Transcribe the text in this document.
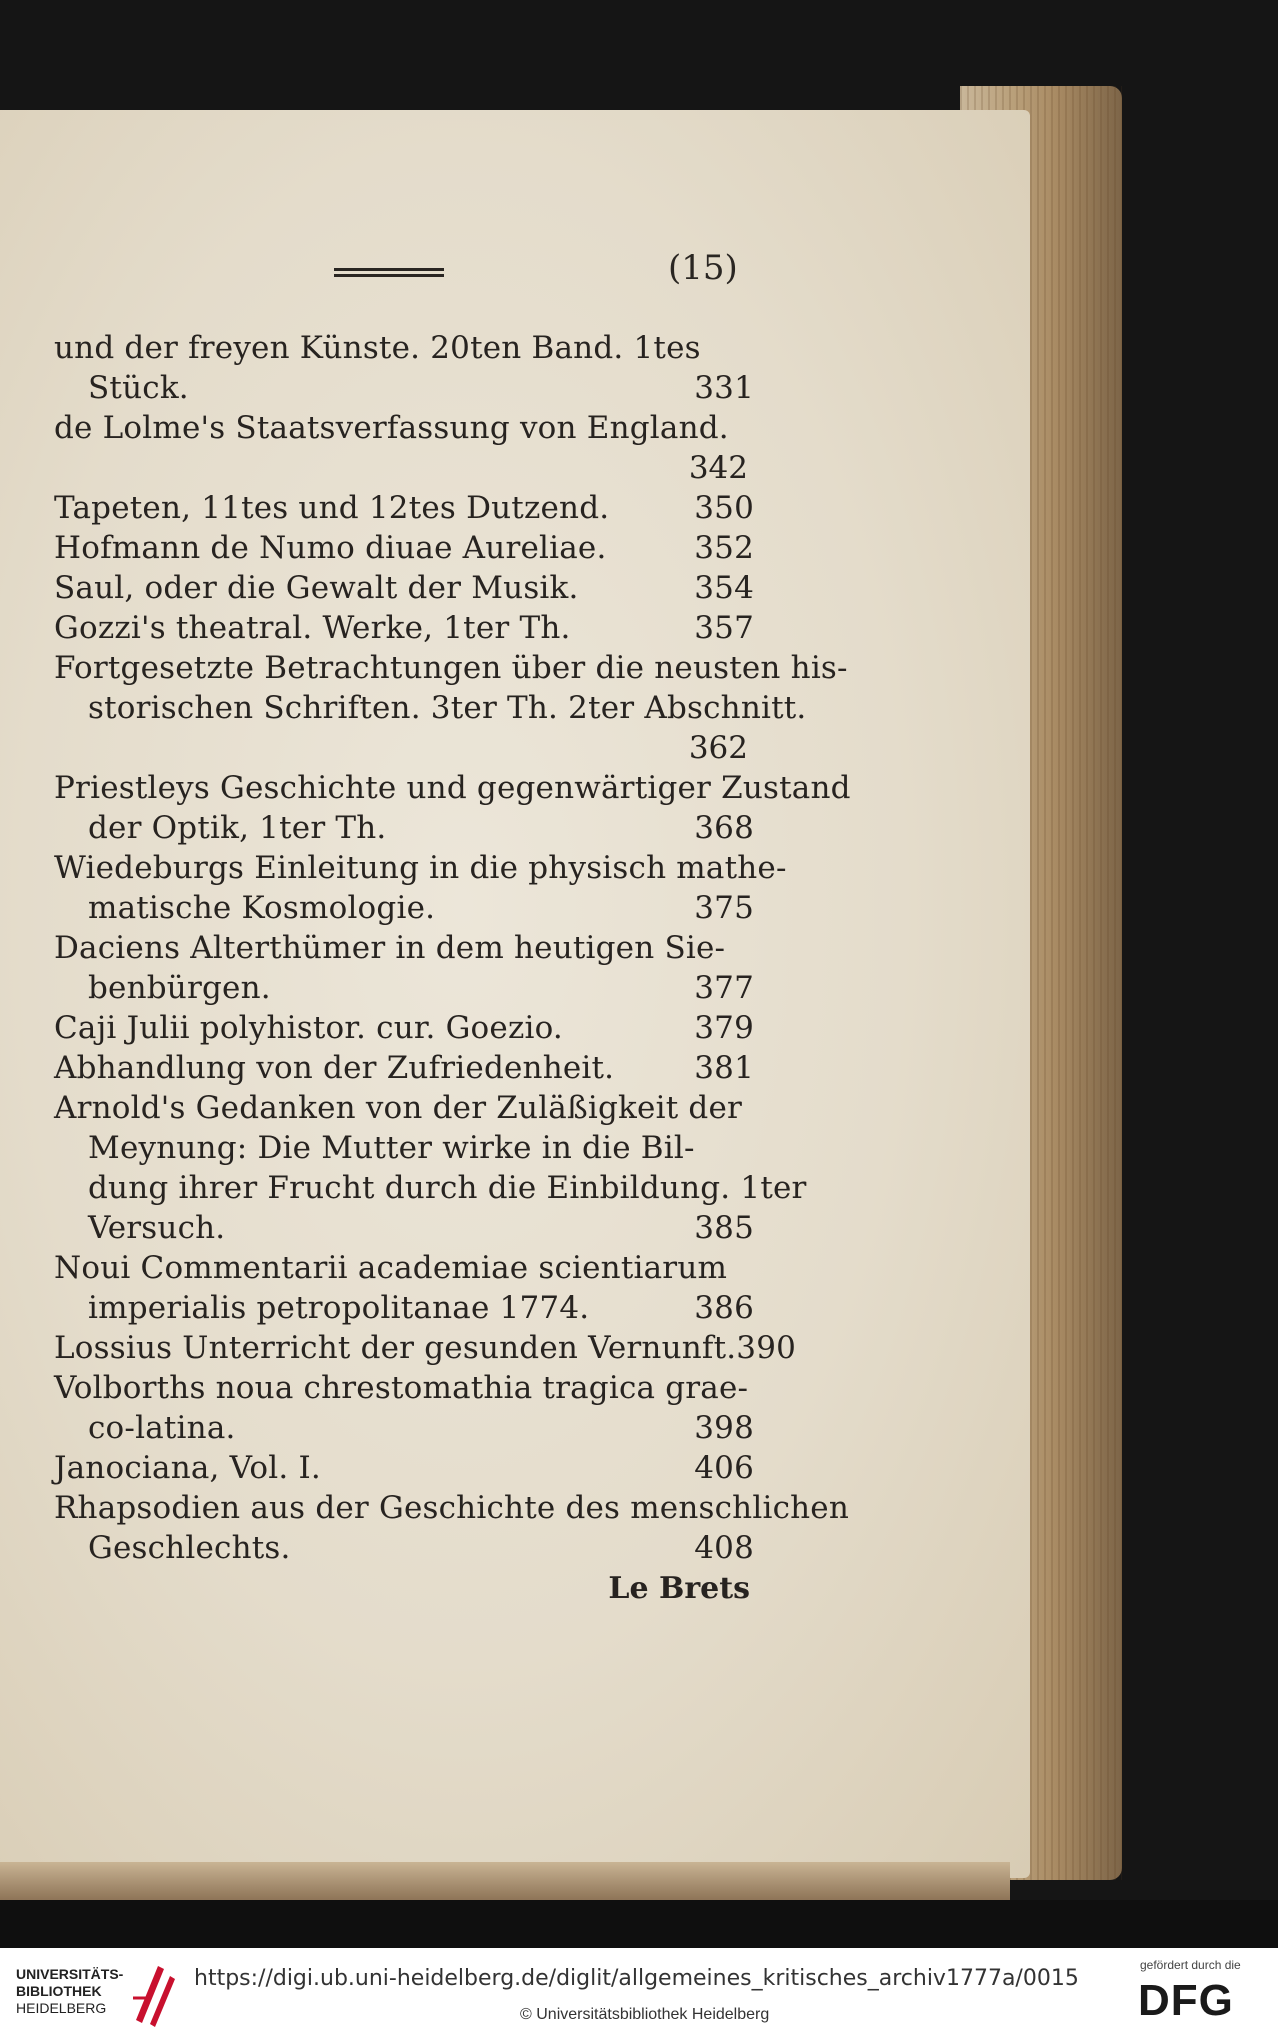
(15)
und der freyen Künste. 20ten Band. 1tes
Stück.	331
de Lolme's Staatsverfassung von England.
342
Tapeten, 11tes und 12tes Dutzend.	350
Hofmann de Numo diuae Aureliae.	352
Saul, oder die Gewalt der Musik.	354
Gozzi's theatral. Werke, 1ter Th.	357
Fortgesetzte Betrachtungen über die neusten his-
storischen Schriften. 3ter Th. 2ter Abschnitt.
362
Priestleys Geschichte und gegenwärtiger Zustand
der Optik, 1ter Th.	368
Wiedeburgs Einleitung in die physisch mathe-
matische Kosmologie.	375
Daciens Alterthümer in dem heutigen Sie-
benbürgen.	377
Caji Julii polyhistor. cur. Goezio.	379
Abhandlung von der Zufriedenheit.	381
Arnold's Gedanken von der Zuläßigkeit der
Meynung: Die Mutter wirke in die Bil-
dung ihrer Frucht durch die Einbildung. 1ter
Versuch.	385
Noui Commentarii academiae scientiarum
imperialis petropolitanae 1774.	386
Lossius Unterricht der gesunden Vernunft. 390
Volborths noua chrestomathia tragica grae-
co-latina.	398
Janociana, Vol. I.	406
Rhapsodien aus der Geschichte des menschlichen
Geschlechts.	408
Le Brets
UNIVERSITÄTS-
BIBLIOTHEK
HEIDELBERG
https://digi.ub.uni-heidelberg.de/diglit/allgemeines_kritisches_archiv1777a/0015
© Universitätsbibliothek Heidelberg
gefördert durch die
DFG
